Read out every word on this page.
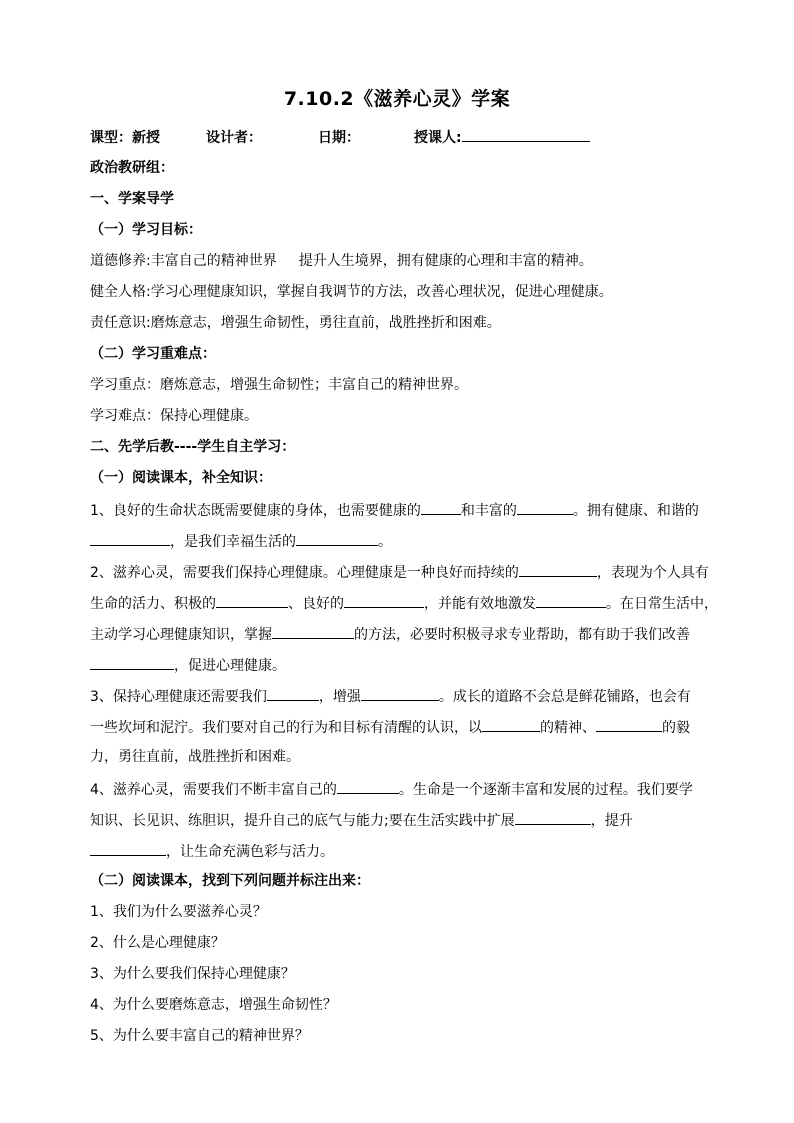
7.10.2《滋养心灵》学案
课型：新授	设计者：	日期：	授课人:
政治教研组：
一、学案导学
（一）学习目标：
道德修养:丰富自己的精神世界 提升人生境界，拥有健康的心理和丰富的精神。
健全人格:学习心理健康知识，掌握自我调节的方法，改善心理状况，促进心理健康。
责任意识:磨炼意志，增强生命韧性，勇往直前，战胜挫折和困难。
（二）学习重难点：
学习重点：磨炼意志，增强生命韧性；丰富自己的精神世界。
学习难点：保持心理健康。
二、先学后教----学生自主学习：
（一）阅读课本，补全知识：
1、良好的生命状态既需要健康的身体，也需要健康的	和丰富的	。拥有健康、和谐的
，是我们幸福生活的	。
2、滋养心灵，需要我们保持心理健康。心理健康是一种良好而持续的	，表现为个人具有
生命的活力、积极的	、良好的	，并能有效地激发	。在日常生活中，
主动学习心理健康知识，掌握	的方法，必要时积极寻求专业帮助，都有助于我们改善
，促进心理健康。
3、保持心理健康还需要我们	，增强	。成长的道路不会总是鲜花铺路，也会有
一些坎坷和泥泞。我们要对自己的行为和目标有清醒的认识，以	的精神、	的毅
力，勇往直前，战胜挫折和困难。
4、滋养心灵，需要我们不断丰富自己的	。生命是一个逐渐丰富和发展的过程。我们要学
知识、长见识、练胆识，提升自己的底气与能力;要在生活实践中扩展	，提升
，让生命充满色彩与活力。
（二）阅读课本，找到下列问题并标注出来：
1、我们为什么要滋养心灵？
2、什么是心理健康？
3、为什么要我们保持心理健康？
4、为什么要磨炼意志，增强生命韧性？
5、为什么要丰富自己的精神世界？
